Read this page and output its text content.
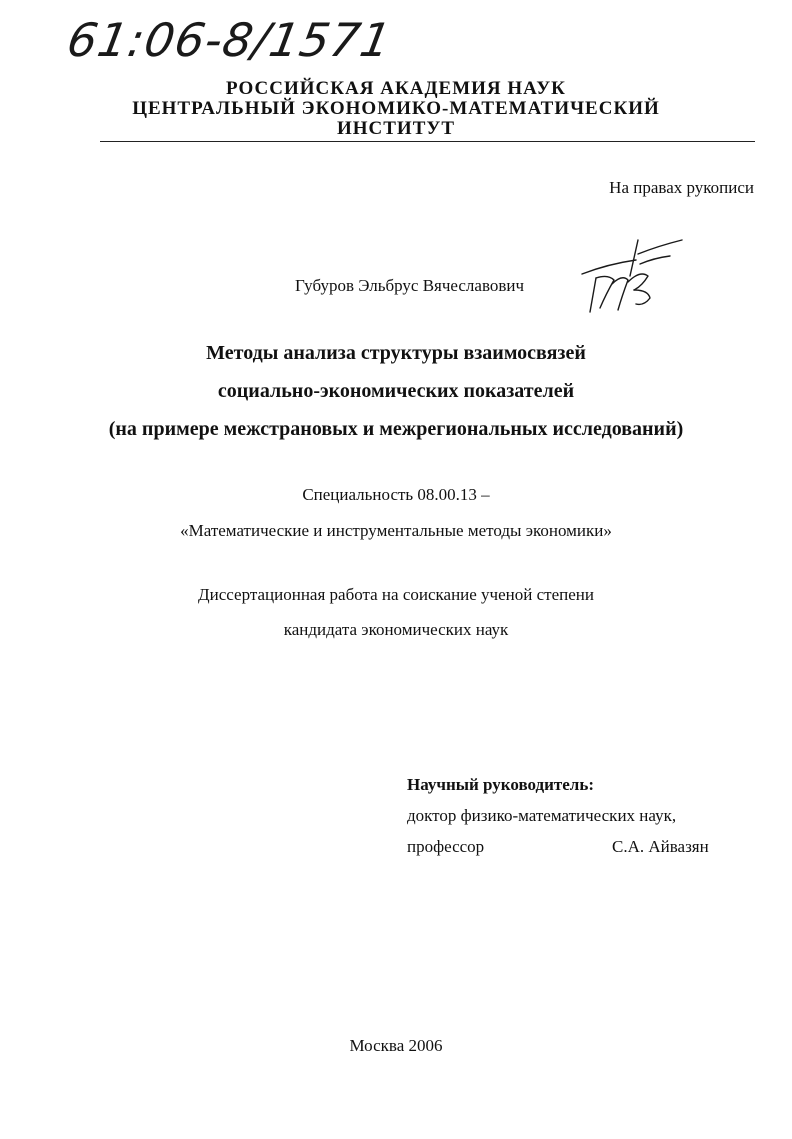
61:06-8/1571
РОССИЙСКАЯ АКАДЕМИЯ НАУК
ЦЕНТРАЛЬНЫЙ ЭКОНОМИКО-МАТЕМАТИЧЕСКИЙ
ИНСТИТУТ
На правах рукописи
Губуров Эльбрус Вячеславович
Методы анализа структуры взаимосвязей
социально-экономических показателей
(на примере межстрановых и межрегиональных исследований)
Специальность 08.00.13 –
«Математические и инструментальные методы экономики»
Диссертационная работа на соискание ученой степени
кандидата экономических наук
Научный руководитель:
доктор физико-математических наук,
профессор	С.А. Айвазян
Москва 2006
